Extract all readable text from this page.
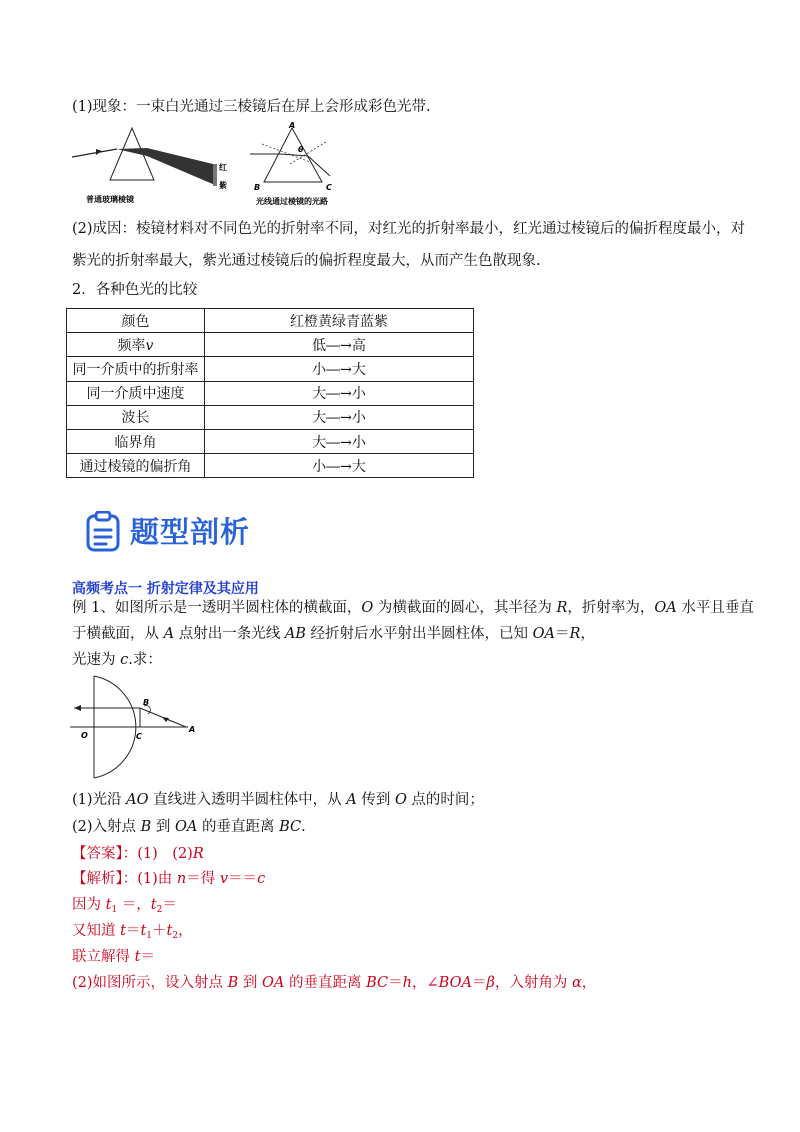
(1)现象：一束白光通过三棱镜后在屏上会形成彩色光带.
红
紫
普通玻璃棱镜
A
B	C
θ
光线通过棱镜的光路
(2)成因：棱镜材料对不同色光的折射率不同，对红光的折射率最小，红光通过棱镜后的偏折程度最小，对
紫光的折射率最大，紫光通过棱镜后的偏折程度最大，从而产生色散现象.
2．各种色光的比较
颜色	红橙黄绿青蓝紫
频率v	低―→高
同一介质中的折射率	小―→大
同一介质中速度	大―→小
波长	大―→小
临界角	大―→小
通过棱镜的偏折角	小―→大
题型剖析
高频考点一 折射定律及其应用
例 1、如图所示是一透明半圆柱体的横截面，O 为横截面的圆心，其半径为 R，折射率为，OA 水平且垂直
于横截面，从 A 点射出一条光线 AB 经折射后水平射出半圆柱体，已知 OA＝R，
光速为 c.求：
B
O	C
A
(1)光沿 AO 直线进入透明半圆柱体中，从 A 传到 O 点的时间；
(2)入射点 B 到 OA 的垂直距离 BC.
【答案】：(1)　(2)R
【解析】：(1)由 n＝得 v＝＝c
因为 $t_1$ ＝，$t_2=$
又知道 $t=t_1+t_2$，
联立解得 t＝
(2)如图所示，设入射点 B 到 OA 的垂直距离 BC＝h，∠BOA＝β，入射角为 α，
